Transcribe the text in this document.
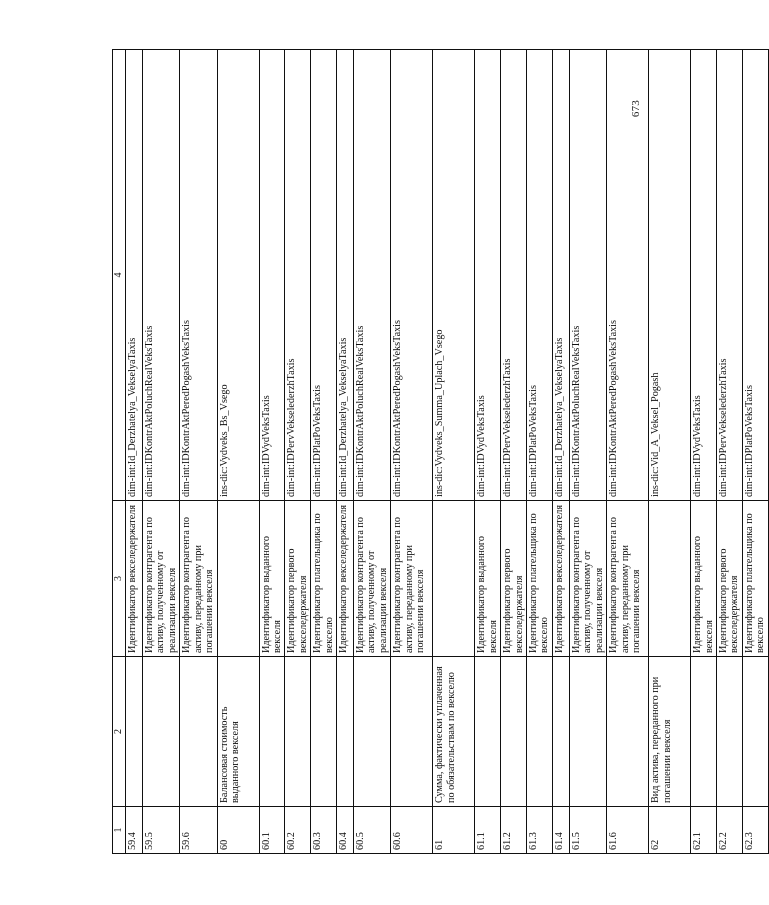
673
1	2	3	4
59.4		Идентификатор векселедержателя	dim-int:Id_Derzhatelya_VekselyaTaxis
59.5		Идентификатор контрагента по активу, полученному от реализации векселя	dim-int:IDKontrAktPoluchRealVeksTaxis
59.6		Идентификатор контрагента по активу, переданному при погашении векселя	dim-int:IDKontrAktPeredPogashVeksTaxis
60	Балансовая стоимость выданного векселя		ins-dic:Vydveks_Bs_Vsego
60.1		Идентификатор выданного векселя	dim-int:IDVydVeksTaxis
60.2		Идентификатор первого векселедержателя	dim-int:IDPervVekselederzhTaxis
60.3		Идентификатор плательщика по векселю	dim-int:IDPlatPoVeksTaxis
60.4		Идентификатор векселедержателя	dim-int:Id_Derzhatelya_VekselyaTaxis
60.5		Идентификатор контрагента по активу, полученному от реализации векселя	dim-int:IDKontrAktPoluchRealVeksTaxis
60.6		Идентификатор контрагента по активу, переданному при погашении векселя	dim-int:IDKontrAktPeredPogashVeksTaxis
61	Сумма, фактически уплаченная по обязательствам по векселю		ins-dic:Vydveks_Summa_Uplach_Vsego
61.1		Идентификатор выданного векселя	dim-int:IDVydVeksTaxis
61.2		Идентификатор первого векселедержателя	dim-int:IDPervVekselederzhTaxis
61.3		Идентификатор плательщика по векселю	dim-int:IDPlatPoVeksTaxis
61.4		Идентификатор векселедержателя	dim-int:Id_Derzhatelya_VekselyaTaxis
61.5		Идентификатор контрагента по активу, полученному от реализации векселя	dim-int:IDKontrAktPoluchRealVeksTaxis
61.6		Идентификатор контрагента по активу, переданному при погашении векселя	dim-int:IDKontrAktPeredPogashVeksTaxis
62	Вид актива, переданного при погашении векселя		ins-dic:Vid_A_Veksel_Pogash
62.1		Идентификатор выданного векселя	dim-int:IDVydVeksTaxis
62.2		Идентификатор первого векселедержателя	dim-int:IDPervVekselederzhTaxis
62.3		Идентификатор плательщика по векселю	dim-int:IDPlatPoVeksTaxis
